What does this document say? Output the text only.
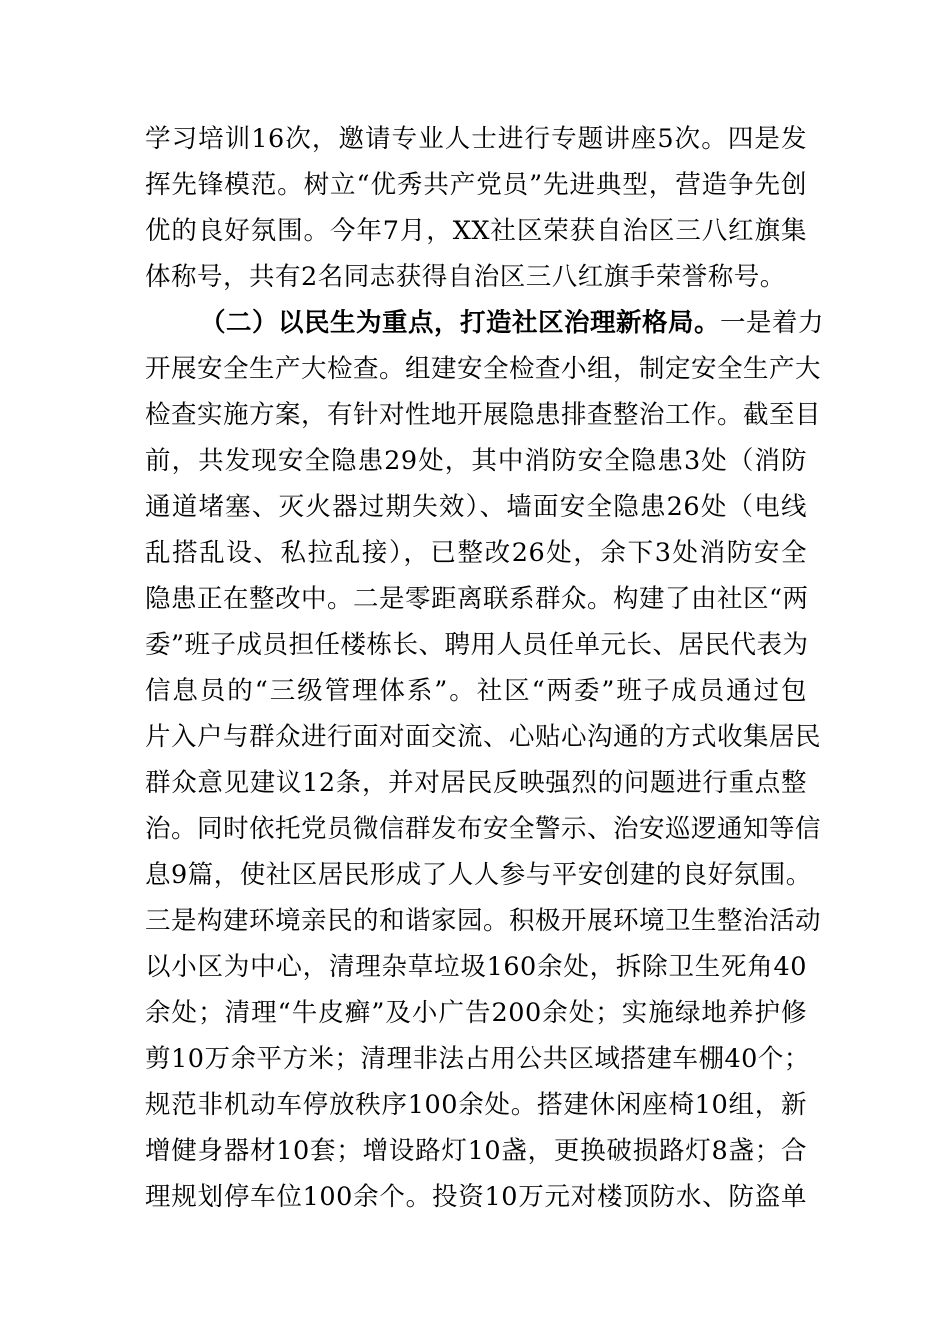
学习培训16次，邀请专业人士进行专题讲座5次。四是发
挥先锋模范。树立“优秀共产党员”先进典型，营造争先创
优的良好氛围。今年7月，XX社区荣获自治区三八红旗集
体称号，共有2名同志获得自治区三八红旗手荣誉称号。
（二）以民生为重点，打造社区治理新格局。一是着力
开展安全生产大检查。组建安全检查小组，制定安全生产大
检查实施方案，有针对性地开展隐患排查整治工作。截至目
前，共发现安全隐患29处，其中消防安全隐患3处（消防
通道堵塞、灭火器过期失效）、墙面安全隐患26处（电线
乱搭乱设、私拉乱接），已整改26处，余下3处消防安全
隐患正在整改中。二是零距离联系群众。构建了由社区“两
委”班子成员担任楼栋长、聘用人员任单元长、居民代表为
信息员的“三级管理体系”。社区“两委”班子成员通过包
片入户与群众进行面对面交流、心贴心沟通的方式收集居民
群众意见建议12条，并对居民反映强烈的问题进行重点整
治。同时依托党员微信群发布安全警示、治安巡逻通知等信
息9篇，使社区居民形成了人人参与平安创建的良好氛围。
三是构建环境亲民的和谐家园。积极开展环境卫生整治活动
以小区为中心，清理杂草垃圾160余处，拆除卫生死角40
余处；清理“牛皮癣”及小广告200余处；实施绿地养护修
剪10万余平方米；清理非法占用公共区域搭建车棚40个；
规范非机动车停放秩序100余处。搭建休闲座椅10组，新
增健身器材10套；增设路灯10盏，更换破损路灯8盏；合
理规划停车位100余个。投资10万元对楼顶防水、防盗单
